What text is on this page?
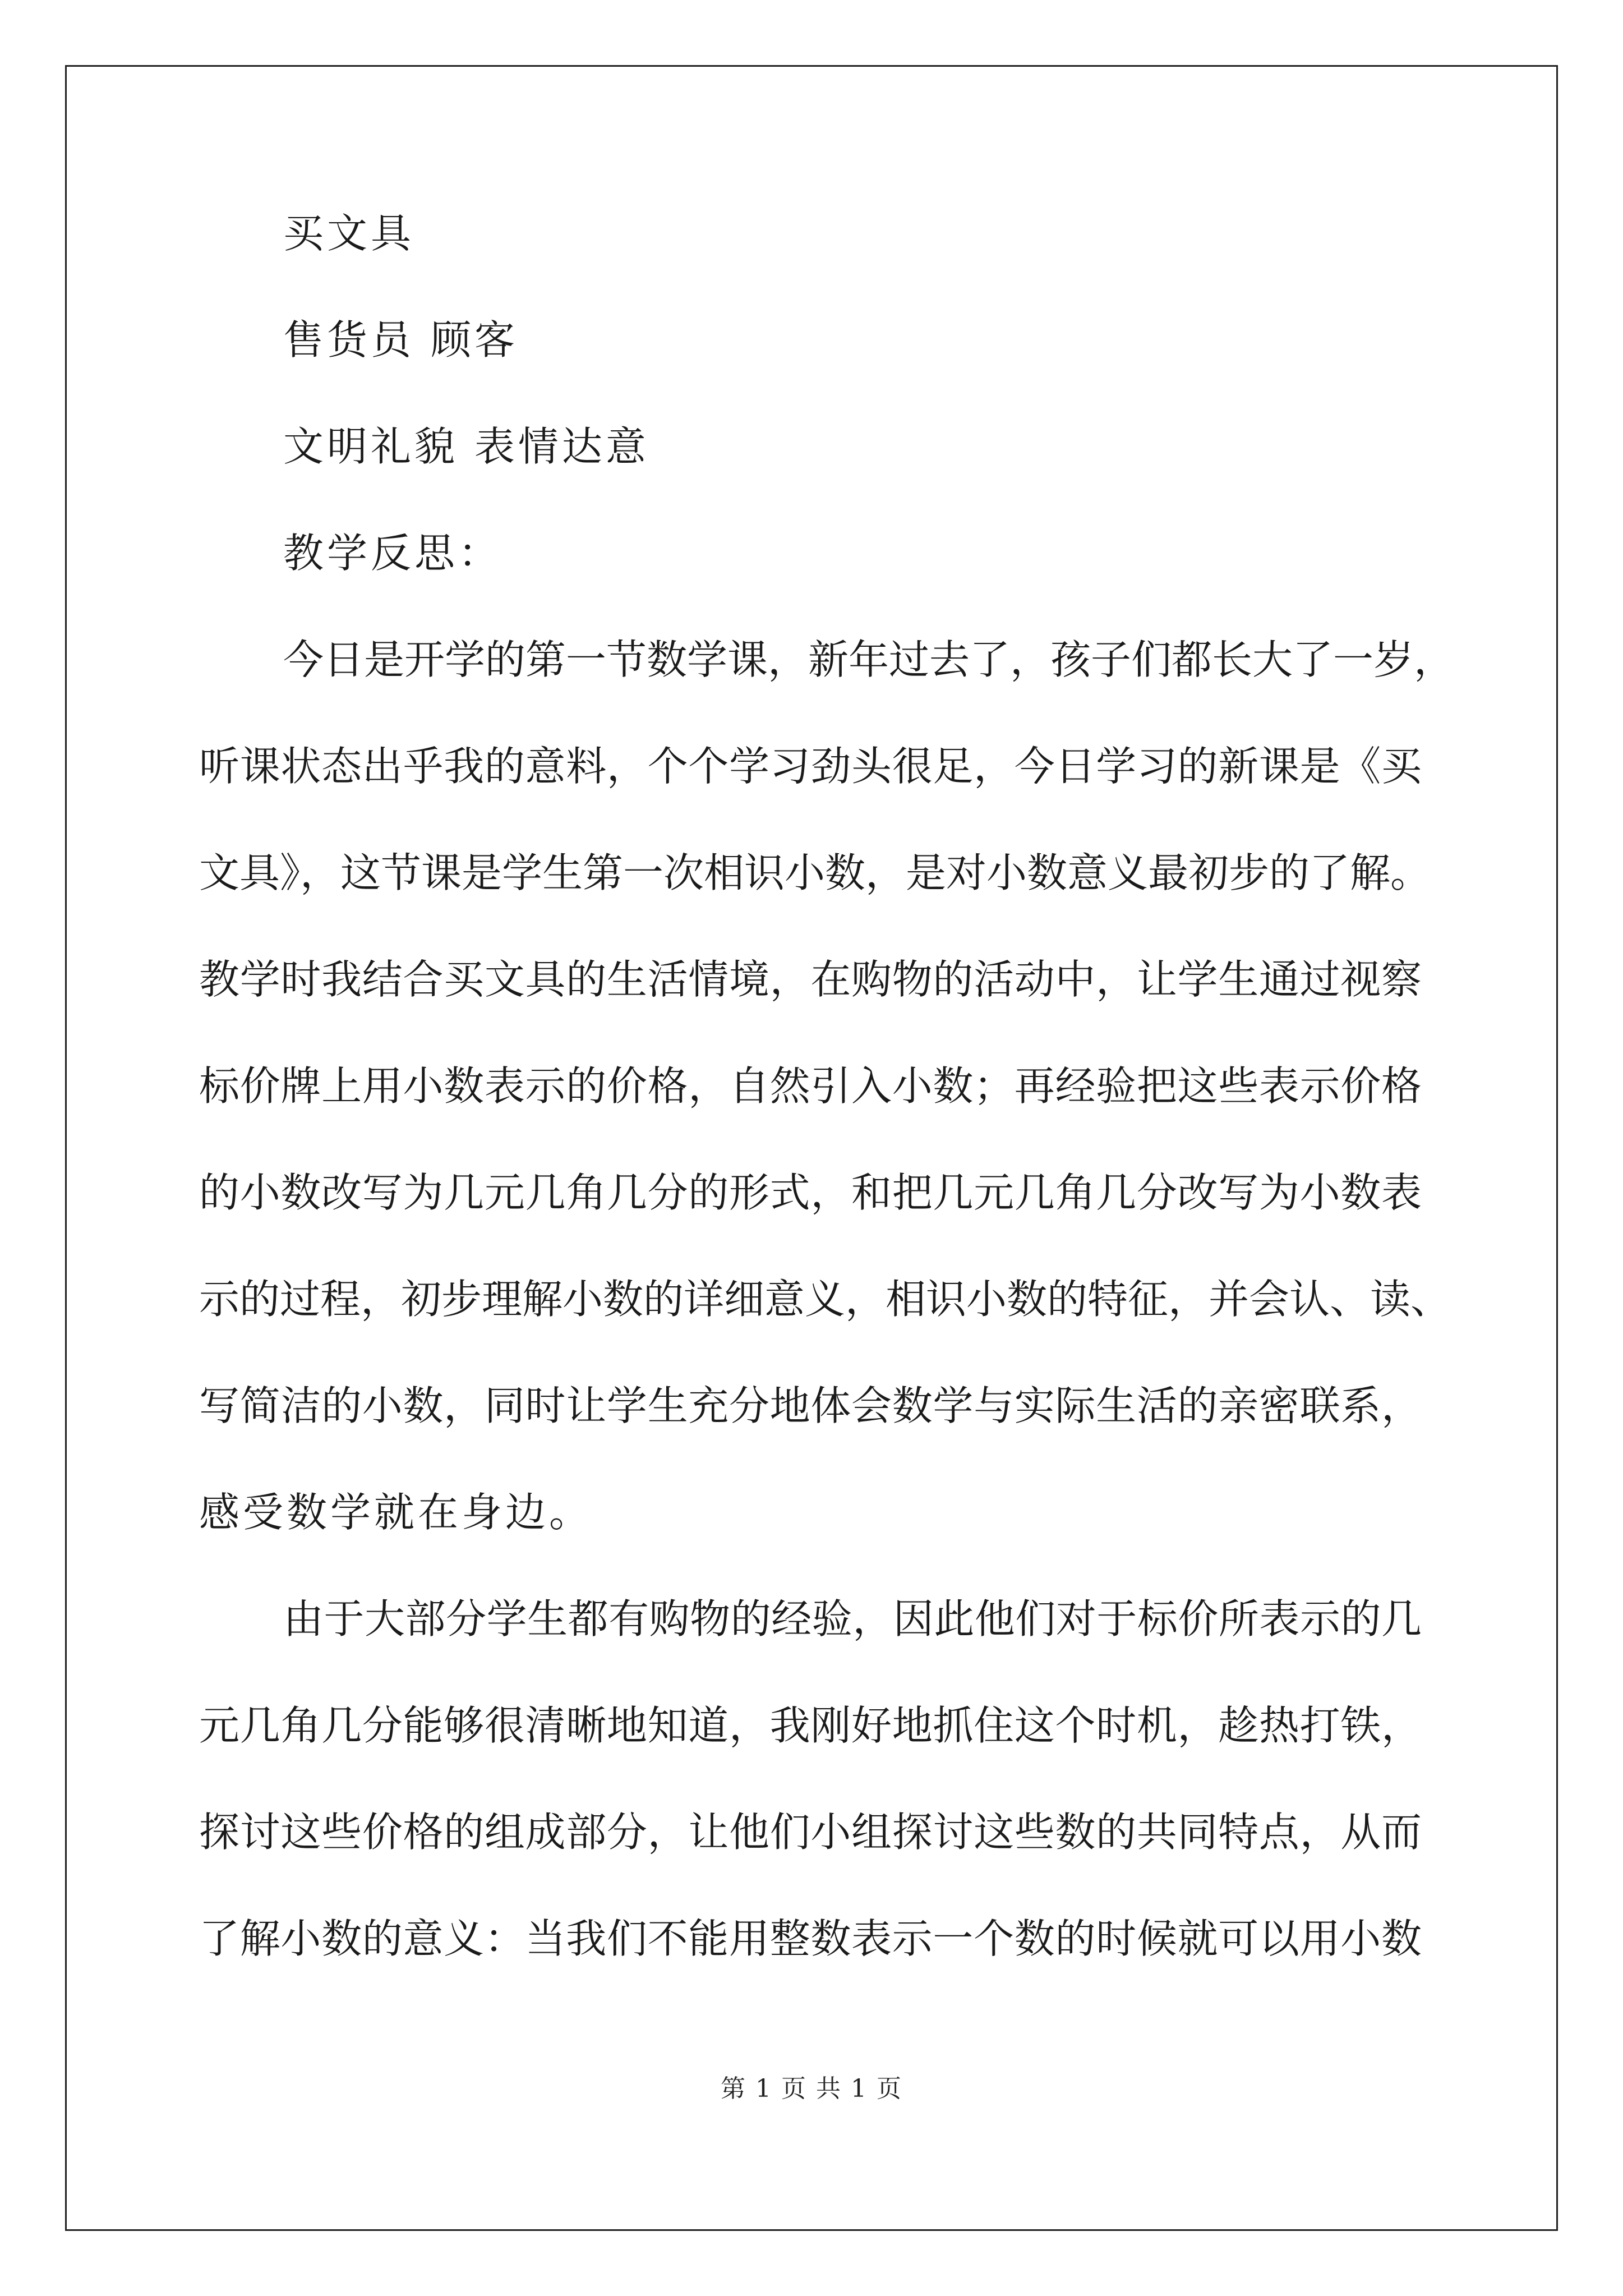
买文具
售货员 顾客
文明礼貌 表情达意
教学反思：
今日是开学的第一节数学课，新年过去了，孩子们都长大了一岁，
听课状态出乎我的意料，个个学习劲头很足，今日学习的新课是《买
文具》，这节课是学生第一次相识小数，是对小数意义最初步的了解。
教学时我结合买文具的生活情境，在购物的活动中，让学生通过视察
标价牌上用小数表示的价格，自然引入小数；再经验把这些表示价格
的小数改写为几元几角几分的形式，和把几元几角几分改写为小数表
示的过程，初步理解小数的详细意义，相识小数的特征，并会认、读、
写简洁的小数，同时让学生充分地体会数学与实际生活的亲密联系，
感受数学就在身边。
由于大部分学生都有购物的经验，因此他们对于标价所表示的几
元几角几分能够很清晰地知道，我刚好地抓住这个时机，趁热打铁，
探讨这些价格的组成部分，让他们小组探讨这些数的共同特点，从而
了解小数的意义：当我们不能用整数表示一个数的时候就可以用小数
第 1 页 共 1 页
